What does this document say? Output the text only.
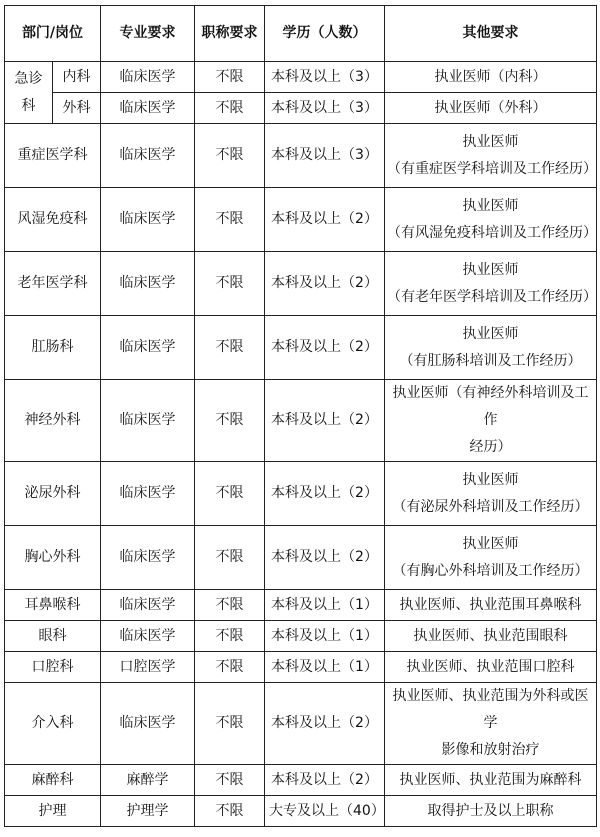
部门/岗位		专业要求	职称要求	学历（人数）	其他要求
急诊科	内科	临床医学	不限	本科及以上（3）	执业医师（内科）
	外科	临床医学	不限	本科及以上（3）	执业医师（外科）
重症医学科		临床医学	不限	本科及以上（3）	执业医师
（有重症医学科培训及工作经历）

风湿免疫科		临床医学	不限	本科及以上（2）	执业医师
（有风湿免疫科培训及工作经历）

老年医学科		临床医学	不限	本科及以上（2）	执业医师
（有老年医学科培训及工作经历）

肛肠科		临床医学	不限	本科及以上（2）	执业医师
（有肛肠科培训及工作经历）

神经外科		临床医学	不限	本科及以上（2）	执业医师（有神经外科培训及工作
经历）

泌尿外科		临床医学	不限	本科及以上（2）	执业医师
（有泌尿外科培训及工作经历）

胸心外科		临床医学	不限	本科及以上（2）	执业医师
（有胸心外科培训及工作经历）

耳鼻喉科		临床医学	不限	本科及以上（1）	执业医师、执业范围耳鼻喉科

眼科		临床医学	不限	本科及以上（1）	执业医师、执业范围眼科

口腔科		口腔医学	不限	本科及以上（1）	执业医师、执业范围口腔科

介入科		临床医学	不限	本科及以上（2）	执业医师、执业范围为外科或医学
影像和放射治疗

麻醉科		麻醉学	不限	本科及以上（2）	执业医师、执业范围为麻醉科

护理		护理学	不限	大专及以上（40）	取得护士及以上职称
